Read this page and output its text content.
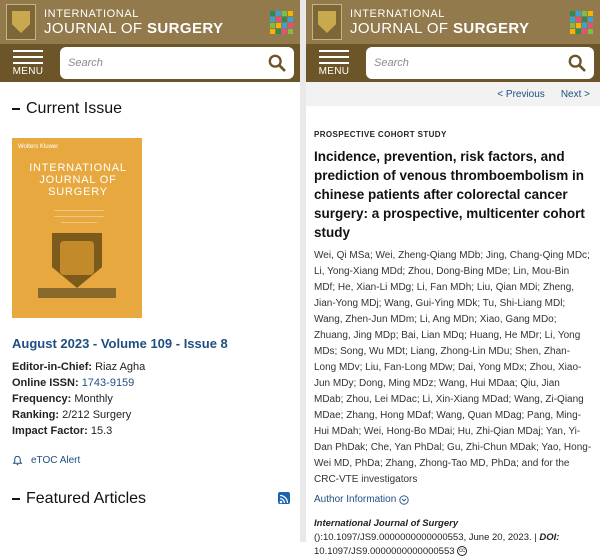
INTERNATIONAL
JOURNAL OF SURGERY
MENU
Search
Current Issue
Wolters Kluwer
INTERNATIONAL JOURNAL OF SURGERY
──────────────
──────────────
──────────
August 2023 - Volume 109 - Issue 8
Editor-in-Chief: Riaz Agha
Online ISSN: 1743-9159
Frequency: Monthly
Ranking: 2/212 Surgery
Impact Factor: 15.3
eTOC Alert
Featured Articles
INTERNATIONAL
JOURNAL OF SURGERY
MENU
Search
< Previous Next >
PROSPECTIVE COHORT STUDY
Incidence, prevention, risk factors, and prediction of venous thromboembolism in chinese patients after colorectal cancer surgery: a prospective, multicenter cohort study
Wei, Qi MSa; Wei, Zheng-Qiang MDb; Jing, Chang-Qing MDc; Li, Yong-Xiang MDd; Zhou, Dong-Bing MDe; Lin, Mou-Bin MDf; He, Xian-Li MDg; Li, Fan MDh; Liu, Qian MDi; Zheng, Jian-Yong MDj; Wang, Gui-Ying MDk; Tu, Shi-Liang MDl; Wang, Zhen-Jun MDm; Li, Ang MDn; Xiao, Gang MDo; Zhuang, Jing MDp; Bai, Lian MDq; Huang, He MDr; Li, Yong MDs; Song, Wu MDt; Liang, Zhong-Lin MDu; Shen, Zhan-Long MDv; Liu, Fan-Long MDw; Dai, Yong MDx; Zhou, Xiao-Jun MDy; Dong, Ming MDz; Wang, Hui MDaa; Qiu, Jian MDab; Zhou, Lei MDac; Li, Xin-Xiang MDad; Wang, Zi-Qiang MDae; Zhang, Hong MDaf; Wang, Quan MDag; Pang, Ming-Hui MDah; Wei, Hong-Bo MDai; Hu, Zhi-Qian MDaj; Yan, Yi-Dan PhDak; Che, Yan PhDal; Gu, Zhi-Chun MDak; Yao, Hong-Wei MD, PhDa; Zhang, Zhong-Tao MD, PhDa; and for the CRC-VTE investigators
Author Information
International Journal of Surgery
():10.1097/JS9.0000000000000553, June 20, 2023. | DOI:
10.1097/JS9.0000000000000553 cc
